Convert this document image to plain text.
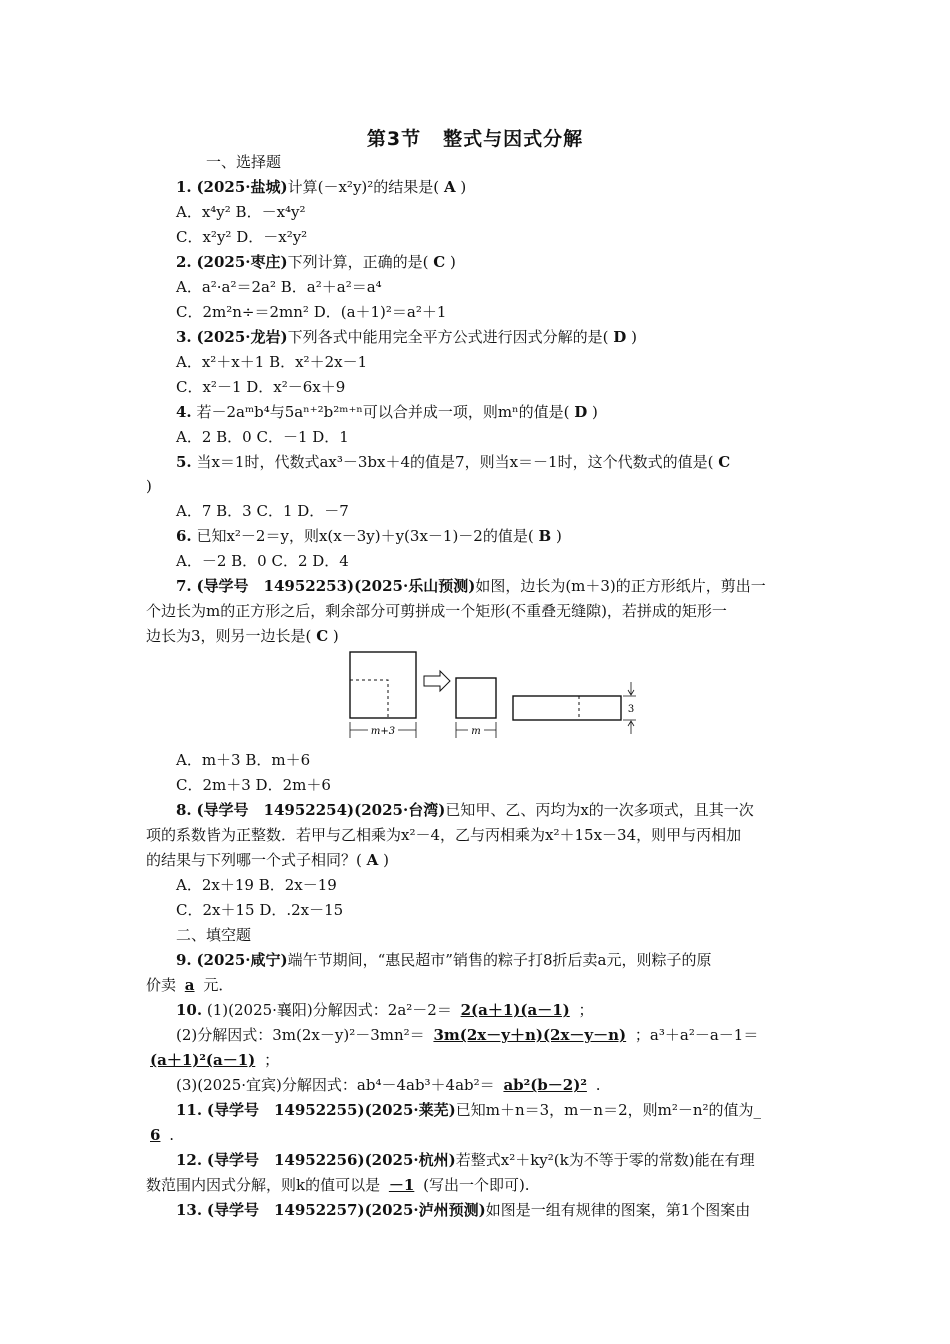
第3节 整式与因式分解
一、选择题
1. (2025·盐城)计算(－x²y)²的结果是( A )
A．x⁴y² B．－x⁴y²
C．x²y² D．－x²y²
2. (2025·枣庄)下列计算，正确的是( C )
A．a²·a²＝2a² B．a²＋a²＝a⁴
C．2m²n÷＝2mn² D．(a＋1)²＝a²＋1
3. (2025·龙岩)下列各式中能用完全平方公式进行因式分解的是( D )
A．x²＋x＋1 B．x²＋2x－1
C．x²－1 D．x²－6x＋9
4. 若－2aᵐb⁴与5aⁿ⁺²b²ᵐ⁺ⁿ可以合并成一项，则mⁿ的值是( D )
A．2 B．0 C．－1 D．1
5. 当x＝1时，代数式ax³－3bx＋4的值是7，则当x＝－1时，这个代数式的值是( C
)
A．7 B．3 C．1 D．－7
6. 已知x²－2＝y，则x(x－3y)＋y(3x－1)－2的值是( B )
A．－2 B．0 C．2 D．4
7. (导学号　14952253)(2025·乐山预测)如图，边长为(m＋3)的正方形纸片，剪出一
个边长为m的正方形之后，剩余部分可剪拼成一个矩形(不重叠无缝隙)，若拼成的矩形一
边长为3，则另一边长是( C )
m+3	m
3
A．m＋3 B．m＋6
C．2m＋3 D．2m＋6
8. (导学号　14952254)(2025·台湾)已知甲、乙、丙均为x的一次多项式，且其一次
项的系数皆为正整数．若甲与乙相乘为x²－4，乙与丙相乘为x²＋15x－34，则甲与丙相加
的结果与下列哪一个式子相同？( A )
A．2x＋19 B．2x－19
C．2x＋15 D．.2x－15
二、填空题
9. (2025·咸宁)端午节期间，“惠民超市”销售的粽子打8折后卖a元，则粽子的原
价卖 a 元．
10. (1)(2025·襄阳)分解因式：2a²－2＝ 2(a＋1)(a－1) ；
(2)分解因式：3m(2x－y)²－3mn²＝ 3m(2x－y＋n)(2x－y－n) ；a³＋a²－a－1＝
(a＋1)²(a－1) ；
(3)(2025·宜宾)分解因式：ab⁴－4ab³＋4ab²＝ ab²(b－2)² .
11. (导学号　14952255)(2025·莱芜)已知m＋n＝3，m－n＝2，则m²－n²的值为_
6 .
12. (导学号　14952256)(2025·杭州)若整式x²＋ky²(k为不等于零的常数)能在有理
数范围内因式分解，则k的值可以是 －1 (写出一个即可).
13. (导学号　14952257)(2025·泸州预测)如图是一组有规律的图案，第1个图案由
